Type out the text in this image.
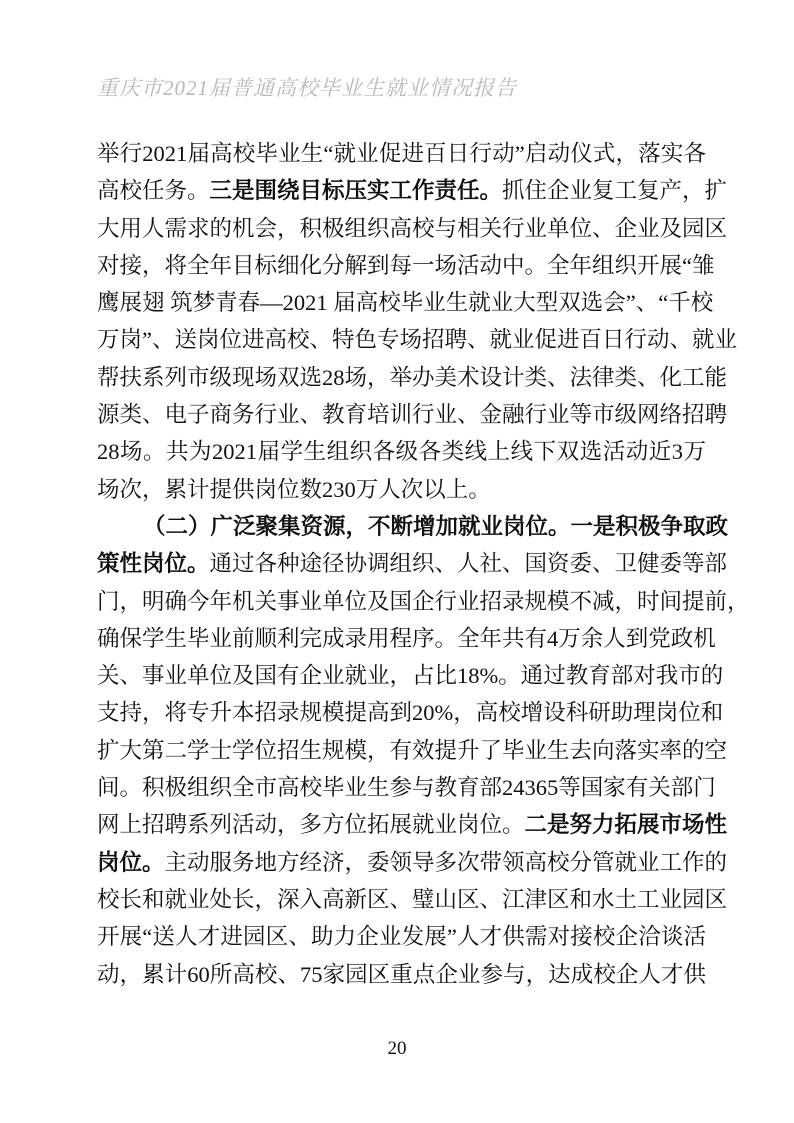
重庆市2021届普通高校毕业生就业情况报告
举行2021届高校毕业生“就业促进百日行动”启动仪式，落实各
高校任务。三是围绕目标压实工作责任。抓住企业复工复产，扩
大用人需求的机会，积极组织高校与相关行业单位、企业及园区
对接，将全年目标细化分解到每一场活动中。全年组织开展“雏
鹰展翅 筑梦青春—2021 届高校毕业生就业大型双选会”、“千校
万岗”、送岗位进高校、特色专场招聘、就业促进百日行动、就业
帮扶系列市级现场双选28场，举办美术设计类、法律类、化工能
源类、电子商务行业、教育培训行业、金融行业等市级网络招聘
28场。共为2021届学生组织各级各类线上线下双选活动近3万
场次，累计提供岗位数230万人次以上。
（二）广泛聚集资源，不断增加就业岗位。一是积极争取政
策性岗位。通过各种途径协调组织、人社、国资委、卫健委等部
门，明确今年机关事业单位及国企行业招录规模不减，时间提前，
确保学生毕业前顺利完成录用程序。全年共有4万余人到党政机
关、事业单位及国有企业就业，占比18%。通过教育部对我市的
支持，将专升本招录规模提高到20%，高校增设科研助理岗位和
扩大第二学士学位招生规模，有效提升了毕业生去向落实率的空
间。积极组织全市高校毕业生参与教育部24365等国家有关部门
网上招聘系列活动，多方位拓展就业岗位。二是努力拓展市场性
岗位。主动服务地方经济，委领导多次带领高校分管就业工作的
校长和就业处长，深入高新区、璧山区、江津区和水土工业园区
开展“送人才进园区、助力企业发展”人才供需对接校企洽谈活
动，累计60所高校、75家园区重点企业参与，达成校企人才供
20
